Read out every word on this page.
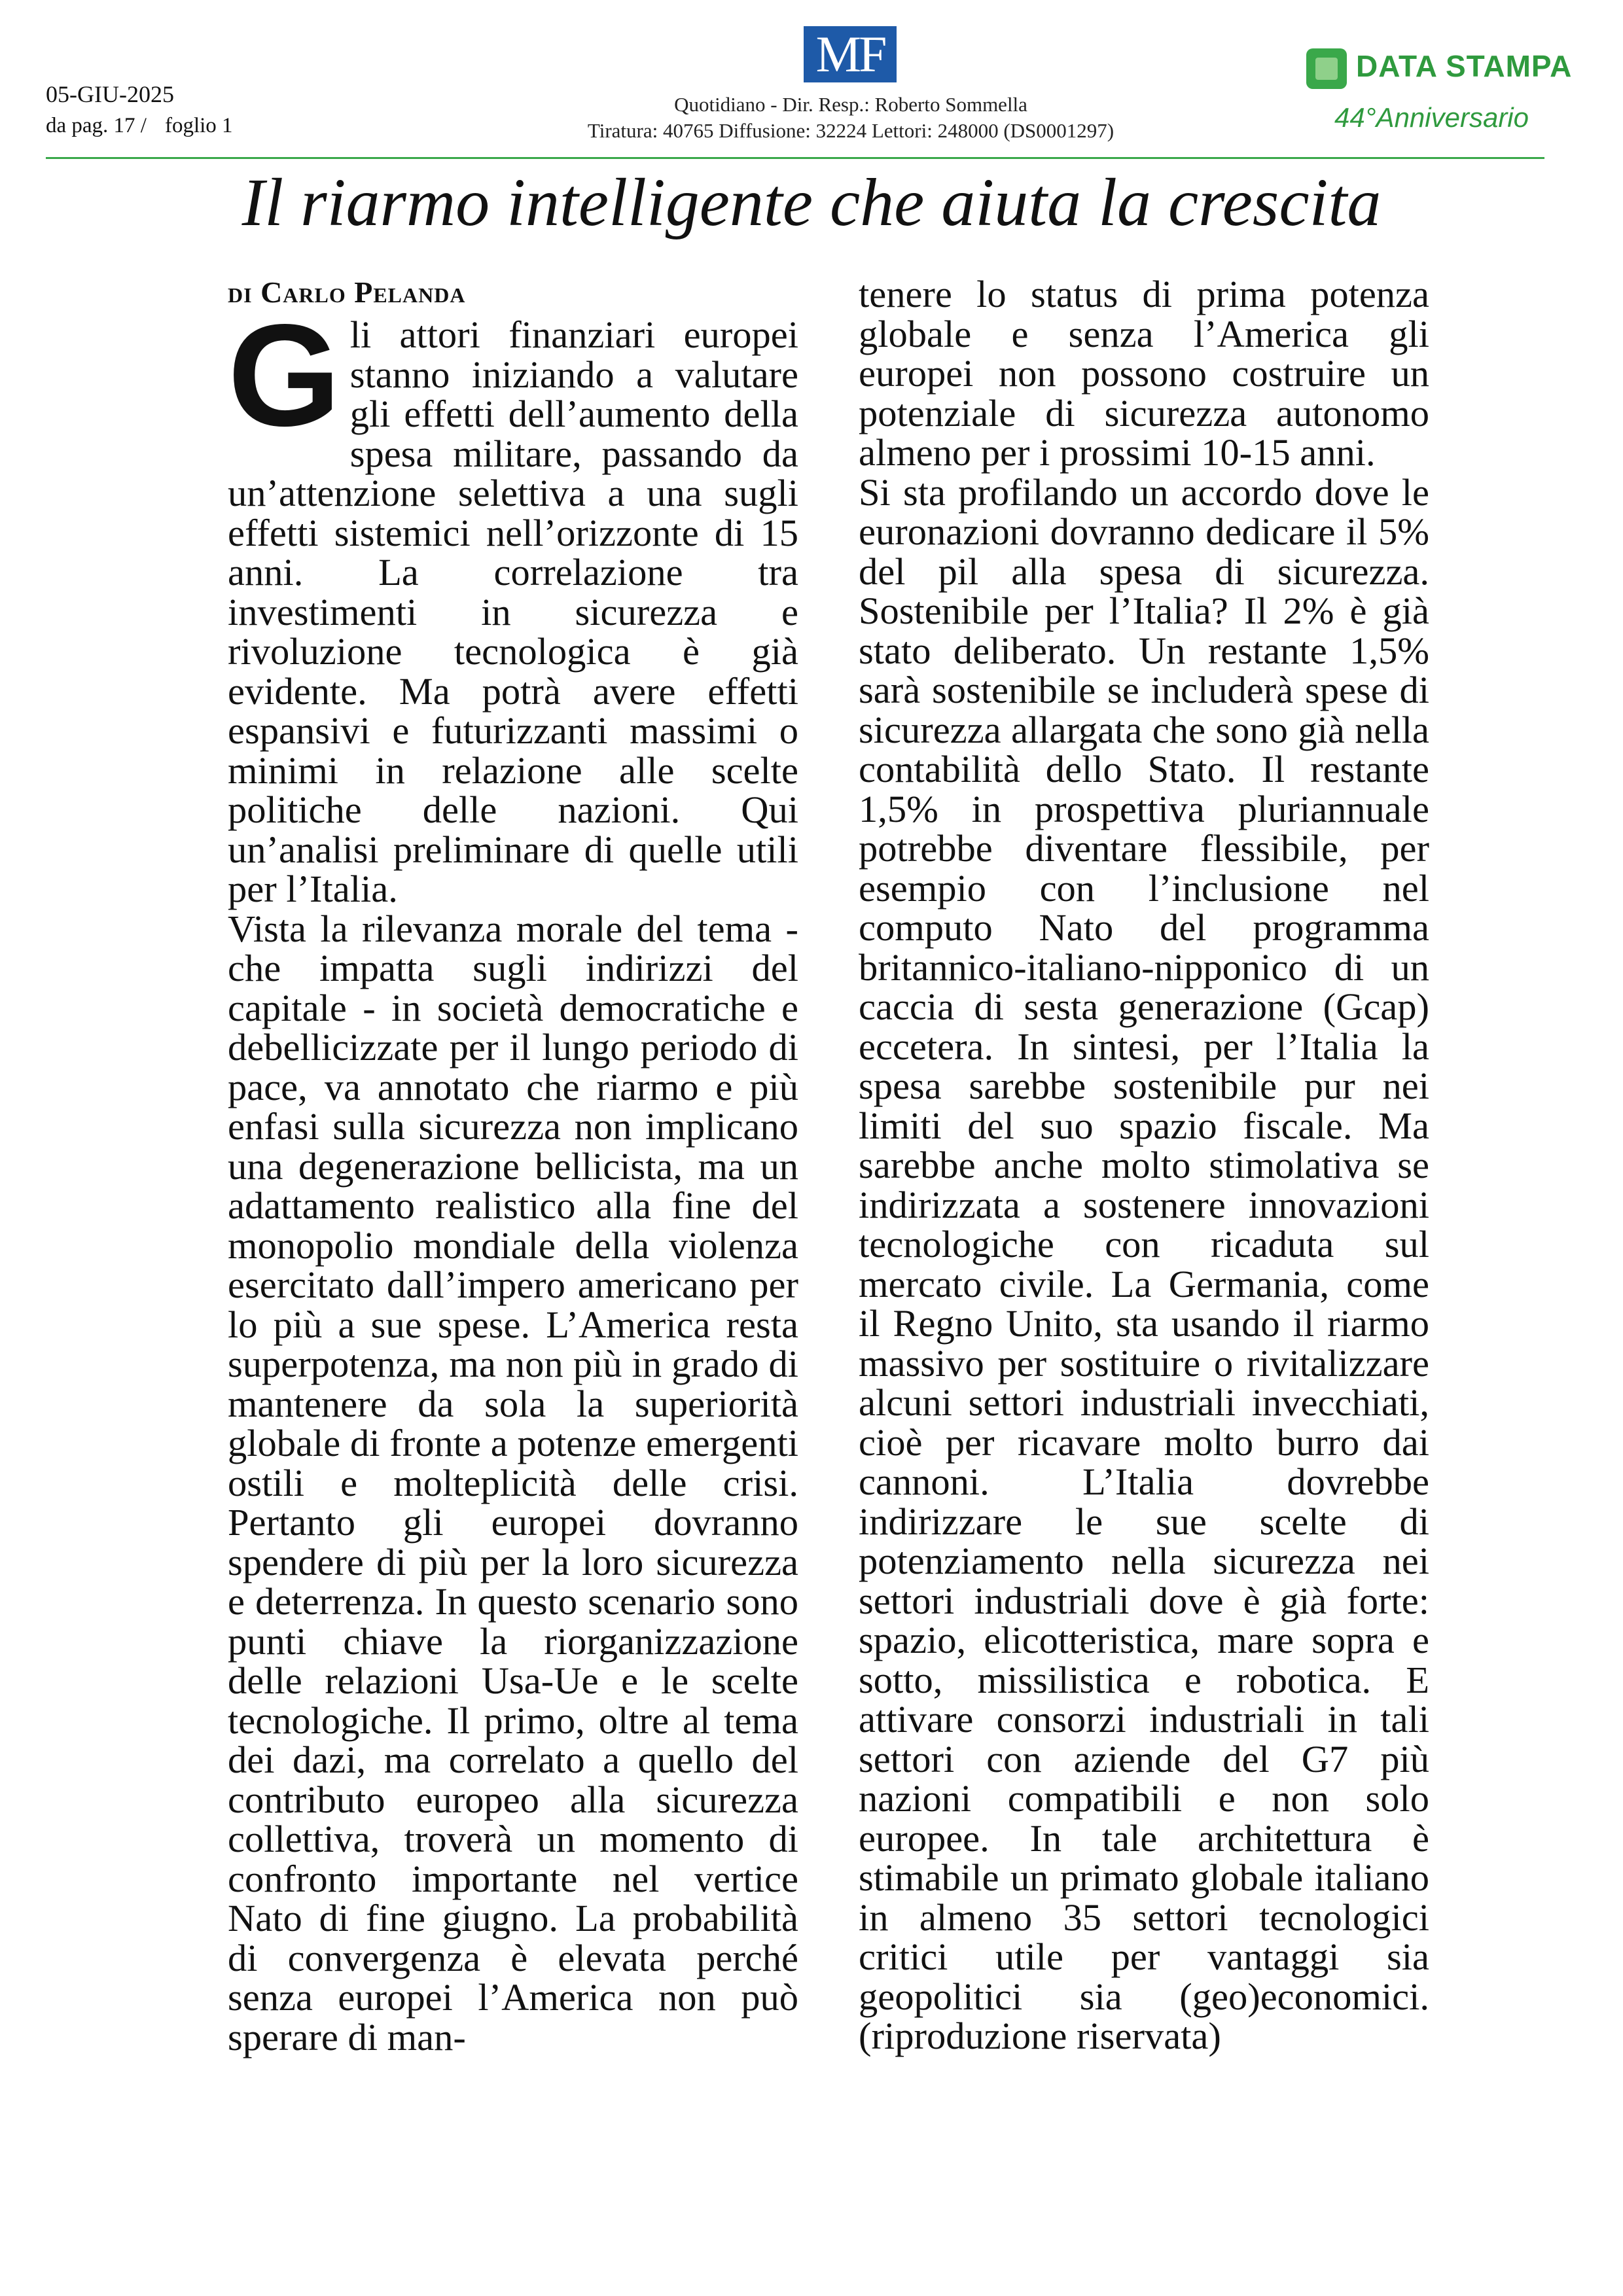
05-GIU-2025
da pag. 17 / foglio 1
MF
Quotidiano - Dir. Resp.: Roberto Sommella
Tiratura: 40765 Diffusione: 32224 Lettori: 248000 (DS0001297)
DATA STAMPA
44°Anniversario
Il riarmo intelligente che aiuta la crescita
di Carlo Pelanda
G li attori finanziari europei stanno iniziando a valutare gli effetti dell’aumento della spesa militare, passando da un’attenzione selettiva a una sugli effetti sistemici nell’orizzonte di 15 anni. La correlazione tra investimenti in sicurezza e rivoluzione tecnologica è già evidente. Ma potrà avere effetti espansivi e futurizzanti massimi o minimi in relazione alle scelte politiche delle nazioni. Qui un’analisi preliminare di quelle utili per l’Italia.

Vista la rilevanza morale del tema - che impatta sugli indirizzi del capitale - in società democratiche e debellicizzate per il lungo periodo di pace, va annotato che riarmo e più enfasi sulla sicurezza non implicano una degenerazione bellicista, ma un adattamento realistico alla fine del monopolio mondiale della violenza esercitato dall’impero americano per lo più a sue spese. L’America resta superpotenza, ma non più in grado di mantenere da sola la superiorità globale di fronte a potenze emergenti ostili e molteplicità delle crisi. Pertanto gli europei dovranno spendere di più per la loro sicurezza e deterrenza. In questo scenario sono punti chiave la riorganizzazione delle relazioni Usa-Ue e le scelte tecnologiche. Il primo, oltre al tema dei dazi, ma correlato a quello del contributo europeo alla sicurezza collettiva, troverà un momento di confronto importante nel vertice Nato di fine giugno. La probabilità di convergenza è elevata perché senza europei l’America non può sperare di man-

tenere lo status di prima potenza globale e senza l’America gli europei non possono costruire un potenziale di sicurezza autonomo almeno per i prossimi 10-15 anni.

Si sta profilando un accordo dove le euronazioni dovranno dedicare il 5% del pil alla spesa di sicurezza. Sostenibile per l’Italia? Il 2% è già stato deliberato. Un restante 1,5% sarà sostenibile se includerà spese di sicurezza allargata che sono già nella contabilità dello Stato. Il restante 1,5% in prospettiva pluriannuale potrebbe diventare flessibile, per esempio con l’inclusione nel computo Nato del programma britannico-italiano-nipponico di un caccia di sesta generazione (Gcap) eccetera. In sintesi, per l’Italia la spesa sarebbe sostenibile pur nei limiti del suo spazio fiscale. Ma sarebbe anche molto stimolativa se indirizzata a sostenere innovazioni tecnologiche con ricaduta sul mercato civile. La Germania, come il Regno Unito, sta usando il riarmo massivo per sostituire o rivitalizzare alcuni settori industriali invecchiati, cioè per ricavare molto burro dai cannoni. L’Italia dovrebbe indirizzare le sue scelte di potenziamento nella sicurezza nei settori industriali dove è già forte: spazio, elicotteristica, mare sopra e sotto, missilistica e robotica. E attivare consorzi industriali in tali settori con aziende del G7 più nazioni compatibili e non solo europee. In tale architettura è stimabile un primato globale italiano in almeno 35 settori tecnologici critici utile per vantaggi sia geopolitici sia (geo)economici. (riproduzione riservata)
